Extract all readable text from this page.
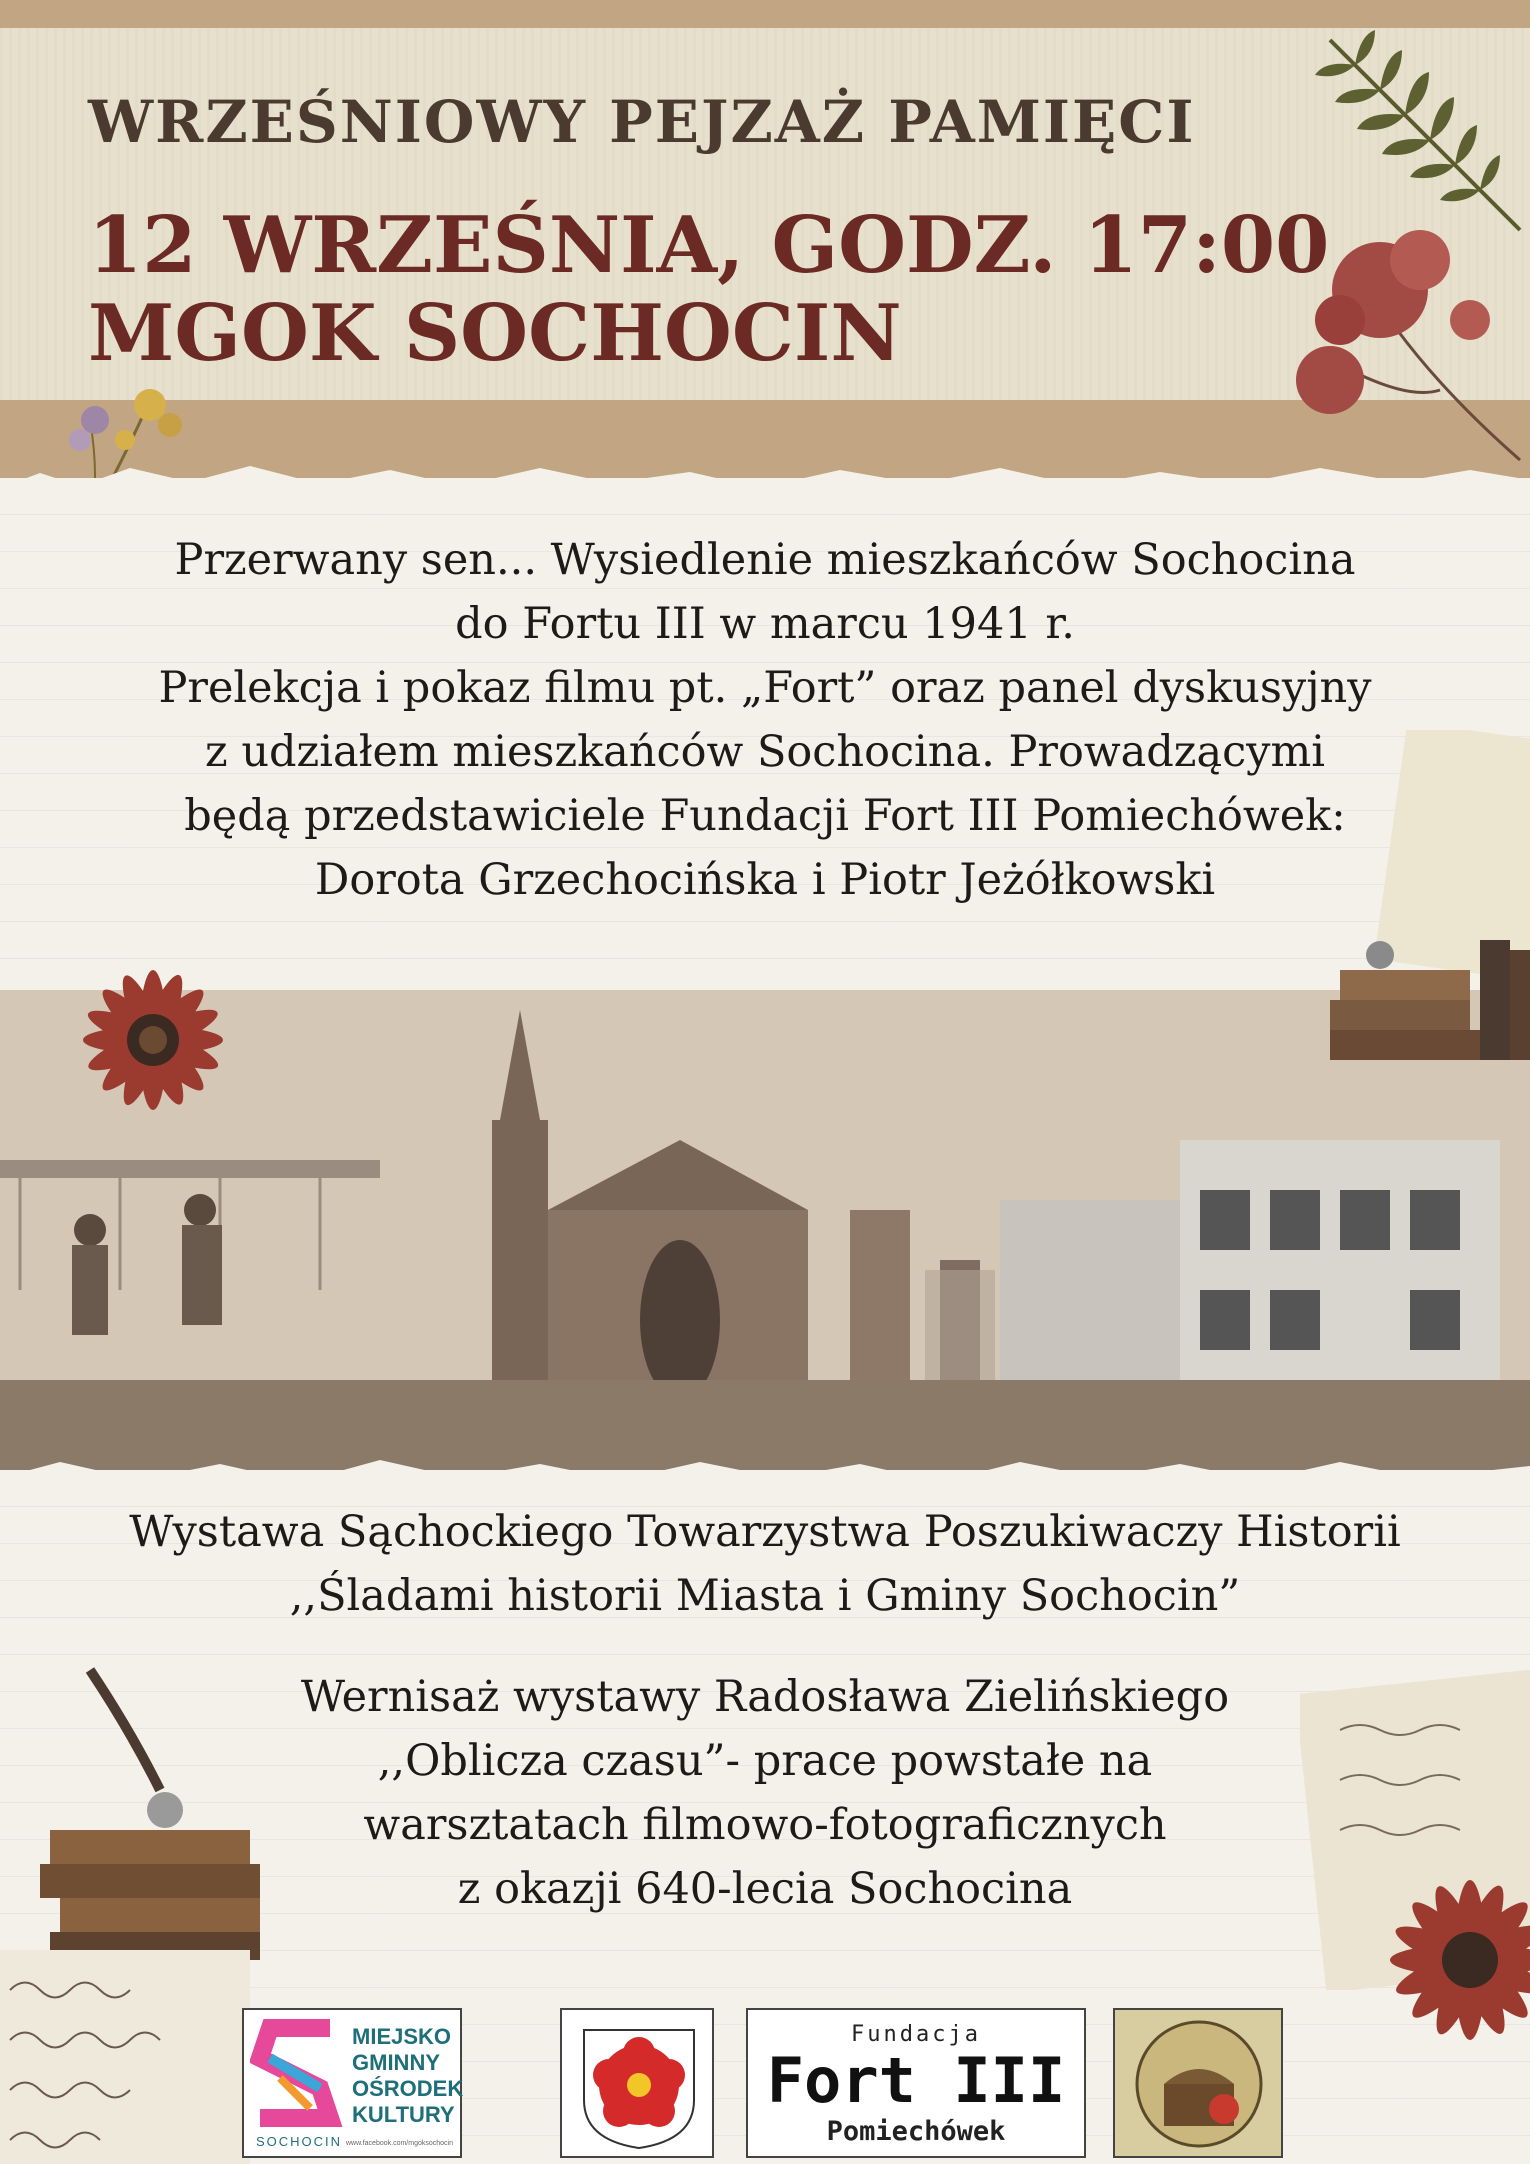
WRZEŚNIOWY PEJZAŻ PAMIĘCI
12 WRZEŚNIA, GODZ. 17:00
MGOK SOCHOCIN
Przerwany sen... Wysiedlenie mieszkańców Sochocina
do Fortu III w marcu 1941 r.
Prelekcja i pokaz filmu pt. „Fort” oraz panel dyskusyjny
z udziałem mieszkańców Sochocina. Prowadzącymi
będą przedstawiciele Fundacji Fort III Pomiechówek:
Dorota Grzechocińska i Piotr Jeżółkowski
Wystawa Sąchockiego Towarzystwa Poszukiwaczy Historii
,,Śladami historii Miasta i Gminy Sochocin”
Wernisaż wystawy Radosława Zielińskiego
,,Oblicza czasu”- prace powstałe na
warsztatach filmowo-fotograficznych
z okazji 640-lecia Sochocina
MIEJSKO
GMINNY
OŚRODEK
KULTURY
SOCHOCIN www.facebook.com/mgoksochocin
Fundacja
Fort III
Pomiechówek
